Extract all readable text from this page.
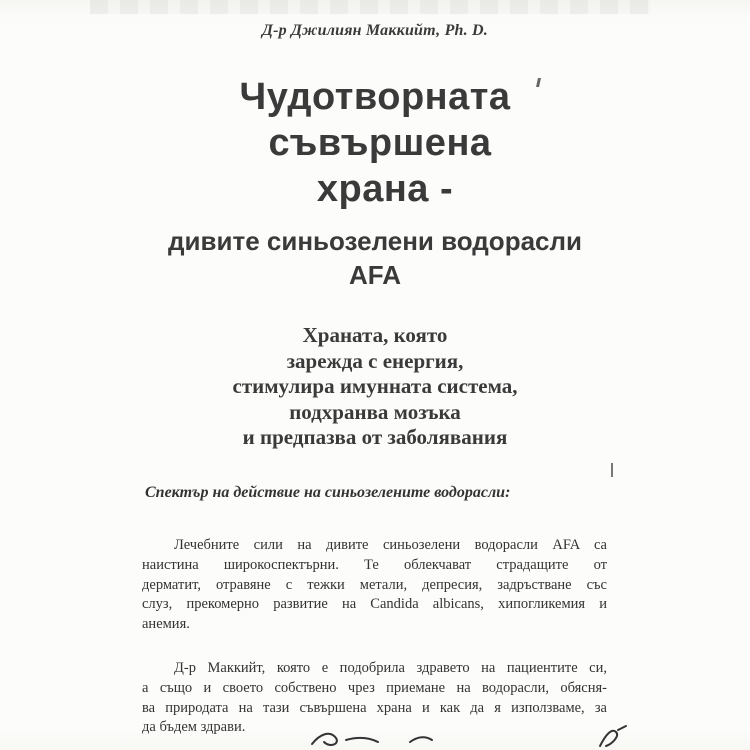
Д-р Джилиян Маккийт, Ph. D.
Чудотворната
съвършена
храна -
дивите синьозелени водорасли
AFA
Храната, която
зарежда с енергия,
стимулира имунната система,
подхранва мозъка
и предпазва от заболявания
Спектър на действие на синьозелените водорасли:
Лечебните сили на дивите синьозелени водорасли AFA са
наистина широкоспектърни. Те облекчават страдащите от
дерматит, отравяне с тежки метали, депресия, задръстване със
слуз, прекомерно развитие на Candida albicans, хипогликемия и
анемия.
Д-р Маккийт, която е подобрила здравето на пациентите си,
а също и своето собствено чрез приемане на водорасли, обясня-
ва природата на тази съвършена храна и как да я използваме, за
да бъдем здрави.
